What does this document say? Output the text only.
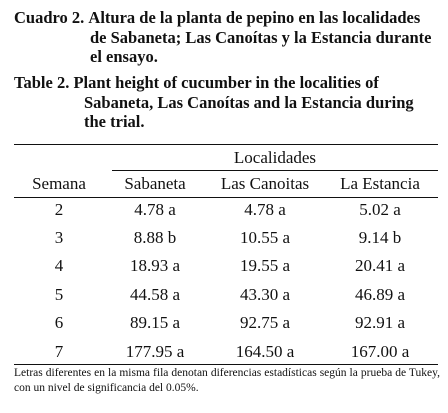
Cuadro 2.
Altura de la planta de pepino en las localidades
de Sabaneta; Las Canoítas y la Estancia durante
el ensayo.
Table 2.
Plant height of cucumber in the localities of
Sabaneta, Las Canoítas and la Estancia during
the trial.
Localidades
Semana	Sabaneta	Las Canoitas	La Estancia
2	4.78 a	4.78 a	5.02 a
3	8.88 b	10.55 a	9.14 b
4	18.93 a	19.55 a	20.41 a
5	44.58 a	43.30 a	46.89 a
6	89.15 a	92.75 a	92.91 a
7	177.95 a	164.50 a	167.00 a
Letras diferentes en la misma fila denotan diferencias estadísticas según la prueba de Tukey, con un nivel de significancia del 0.05%.
